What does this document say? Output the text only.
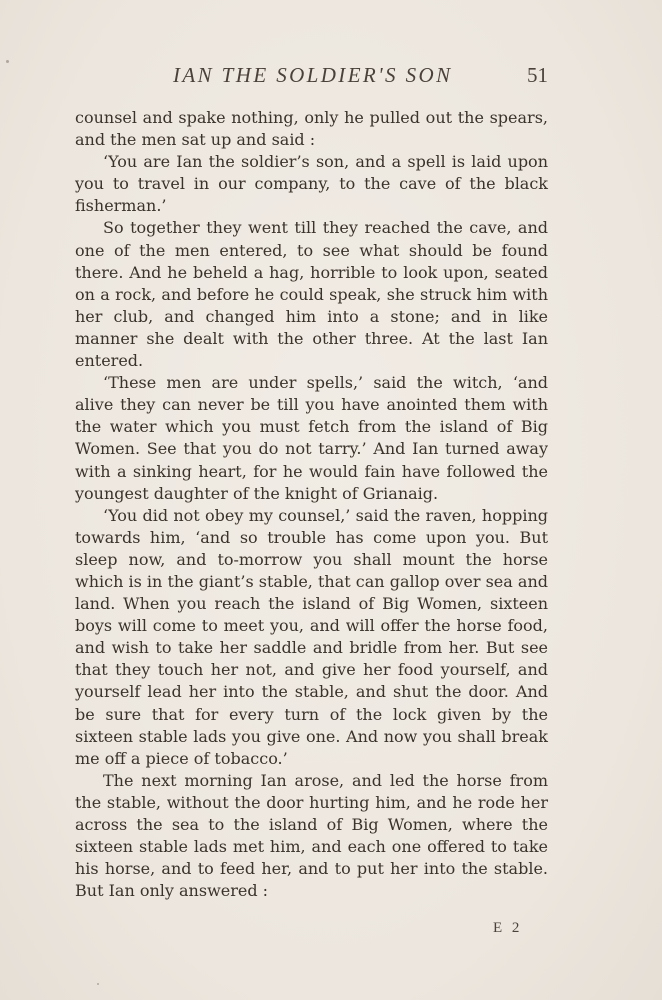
IAN THE SOLDIER'S SON	51

counsel and spake nothing, only he pulled out the spears, and the men sat up and said :

‘You are Ian the soldier’s son, and a spell is laid upon you to travel in our company, to the cave of the black fisherman.’

So together they went till they reached the cave, and one of the men entered, to see what should be found there. And he beheld a hag, horrible to look upon, seated on a rock, and before he could speak, she struck him with her club, and changed him into a stone; and in like manner she dealt with the other three. At the last Ian entered.

‘These men are under spells,’ said the witch, ‘and alive they can never be till you have anointed them with the water which you must fetch from the island of Big Women. See that you do not tarry.’ And Ian turned away with a sinking heart, for he would fain have followed the youngest daughter of the knight of Grianaig.

‘You did not obey my counsel,’ said the raven, hopping towards him, ‘and so trouble has come upon you. But sleep now, and to-morrow you shall mount the horse which is in the giant’s stable, that can gallop over sea and land. When you reach the island of Big Women, sixteen boys will come to meet you, and will offer the horse food, and wish to take her saddle and bridle from her. But see that they touch her not, and give her food yourself, and yourself lead her into the stable, and shut the door. And be sure that for every turn of the lock given by the sixteen stable lads you give one. And now you shall break me off a piece of tobacco.’

The next morning Ian arose, and led the horse from the stable, without the door hurting him, and he rode her across the sea to the island of Big Women, where the sixteen stable lads met him, and each one offered to take his horse, and to feed her, and to put her into the stable. But Ian only answered :

E 2
